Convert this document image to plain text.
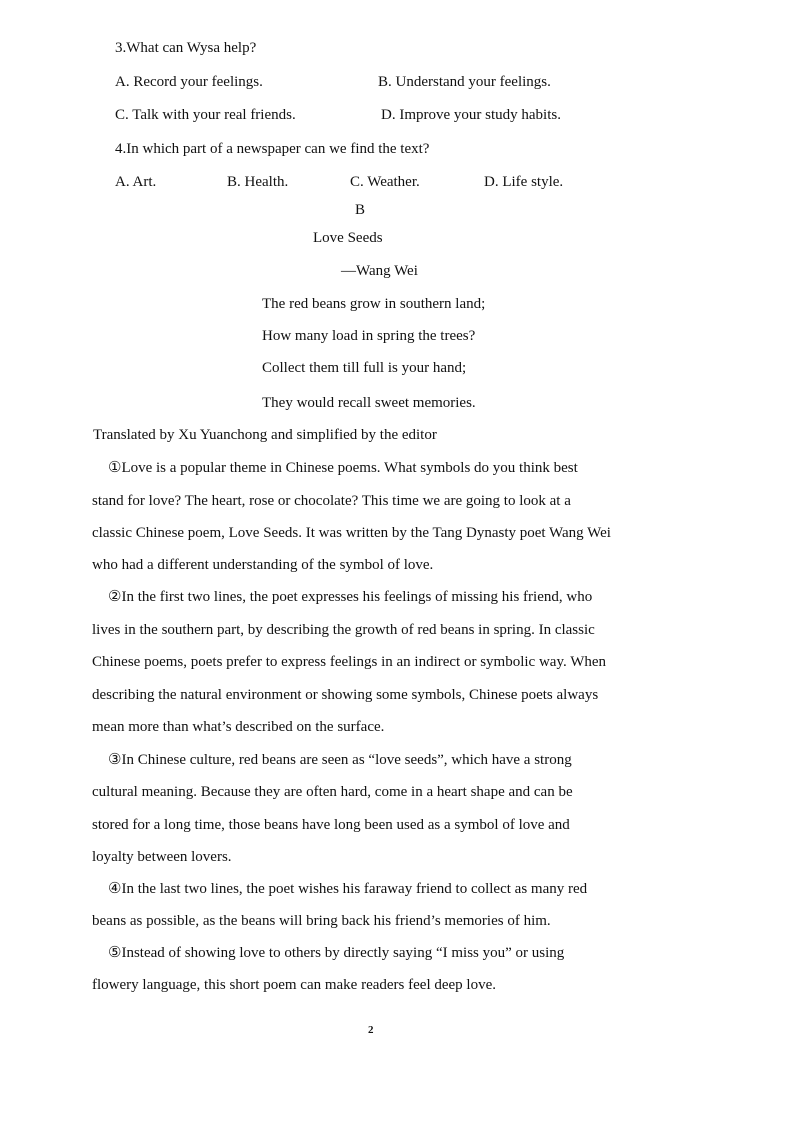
3.What can Wysa help?
A. Record your feelings.	B. Understand your feelings.
C. Talk with your real friends.	D. Improve your study habits.
4.In which part of a newspaper can we find the text?
A. Art.	B. Health.	C. Weather.	D. Life style.
B
Love Seeds
—Wang Wei
The red beans grow in southern land;
How many load in spring the trees?
Collect them till full is your hand;
They would recall sweet memories.
Translated by Xu Yuanchong and simplified by the editor
①Love is a popular theme in Chinese poems. What symbols do you think best
stand for love? The heart, rose or chocolate? This time we are going to look at a
classic Chinese poem, Love Seeds. It was written by the Tang Dynasty poet Wang Wei
who had a different understanding of the symbol of love.
②In the first two lines, the poet expresses his feelings of missing his friend, who
lives in the southern part, by describing the growth of red beans in spring. In classic
Chinese poems, poets prefer to express feelings in an indirect or symbolic way. When
describing the natural environment or showing some symbols, Chinese poets always
mean more than what’s described on the surface.
③In Chinese culture, red beans are seen as “love seeds”, which have a strong
cultural meaning. Because they are often hard, come in a heart shape and can be
stored for a long time, those beans have long been used as a symbol of love and
loyalty between lovers.
④In the last two lines, the poet wishes his faraway friend to collect as many red
beans as possible, as the beans will bring back his friend’s memories of him.
⑤Instead of showing love to others by directly saying “I miss you” or using
flowery language, this short poem can make readers feel deep love.
2
